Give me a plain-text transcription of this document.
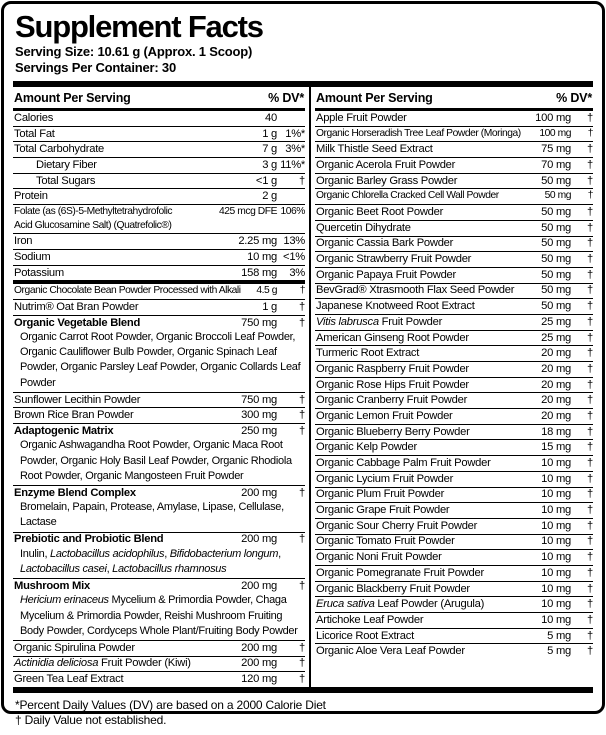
Supplement Facts
Serving Size: 10.61 g (Approx. 1 Scoop)
Servings Per Container: 30
Amount Per Serving	% DV*
Calories	40
Total Fat	1 g 1%*
Total Carbohydrate	7 g 3%*
Dietary Fiber	3 g 11%*
Total Sugars	<1 g	†
Protein	2 g
Folate (as (6S)-5-Methyltetrahydrofolic	425 mcg DFE 106%
Acid Glucosamine Salt) (Quatrefolic®)
Iron	2.25 mg 13%
Sodium	10 mg <1%
Potassium	158 mg	3%
Organic Chocolate Bean Powder Processed with Alkali	4.5 g	†
Nutrim® Oat Bran Powder	1 g	†
Organic Vegetable Blend	750 mg	†
Organic Carrot Root Powder, Organic Broccoli Leaf Powder, Organic Cauliflower Bulb Powder, Organic Spinach Leaf Powder, Organic Parsley Leaf Powder, Organic Collards Leaf Powder
Sunflower Lecithin Powder	750 mg	†
Brown Rice Bran Powder	300 mg	†
Adaptogenic Matrix	250 mg	†
Organic Ashwagandha Root Powder, Organic Maca Root Powder, Organic Holy Basil Leaf Powder, Organic Rhodiola Root Powder, Organic Mangosteen Fruit Powder
Enzyme Blend Complex	200 mg	†
Bromelain, Papain, Protease, Amylase, Lipase, Cellulase, Lactase
Prebiotic and Probiotic Blend	200 mg	†
Inulin, Lactobacillus acidophilus, Bifidobacterium longum, Lactobacillus casei, Lactobacillus rhamnosus
Mushroom Mix	200 mg	†
Hericium erinaceus Mycelium & Primordia Powder, Chaga Mycelium & Primordia Powder, Reishi Mushroom Fruiting Body Powder, Cordyceps Whole Plant/Fruiting Body Powder
Organic Spirulina Powder	200 mg	†
Actinidia deliciosa Fruit Powder (Kiwi)	200 mg	†
Green Tea Leaf Extract	120 mg	†
Amount Per Serving	% DV*
Apple Fruit Powder	100 mg	†
Organic Horseradish Tree Leaf Powder (Moringa)	100 mg	†
Milk Thistle Seed Extract	75 mg	†
Organic Acerola Fruit Powder	70 mg	†
Organic Barley Grass Powder	50 mg	†
Organic Chlorella Cracked Cell Wall Powder	50 mg	†
Organic Beet Root Powder	50 mg	†
Quercetin Dihydrate	50 mg	†
Organic Cassia Bark Powder	50 mg	†
Organic Strawberry Fruit Powder	50 mg	†
Organic Papaya Fruit Powder	50 mg	†
BevGrad® Xtrasmooth Flax Seed Powder	50 mg	†
Japanese Knotweed Root Extract	50 mg	†
Vitis labrusca Fruit Powder	25 mg	†
American Ginseng Root Powder	25 mg	†
Turmeric Root Extract	20 mg	†
Organic Raspberry Fruit Powder	20 mg	†
Organic Rose Hips Fruit Powder	20 mg	†
Organic Cranberry Fruit Powder	20 mg	†
Organic Lemon Fruit Powder	20 mg	†
Organic Blueberry Berry Powder	18 mg	†
Organic Kelp Powder	15 mg	†
Organic Cabbage Palm Fruit Powder	10 mg	†
Organic Lycium Fruit Powder	10 mg	†
Organic Plum Fruit Powder	10 mg	†
Organic Grape Fruit Powder	10 mg	†
Organic Sour Cherry Fruit Powder	10 mg	†
Organic Tomato Fruit Powder	10 mg	†
Organic Noni Fruit Powder	10 mg	†
Organic Pomegranate Fruit Powder	10 mg	†
Organic Blackberry Fruit Powder	10 mg	†
Eruca sativa Leaf Powder (Arugula)	10 mg	†
Artichoke Leaf Powder	10 mg	†
Licorice Root Extract	5 mg	†
Organic Aloe Vera Leaf Powder	5 mg	†
*Percent Daily Values (DV) are based on a 2000 Calorie Diet
† Daily Value not established.
